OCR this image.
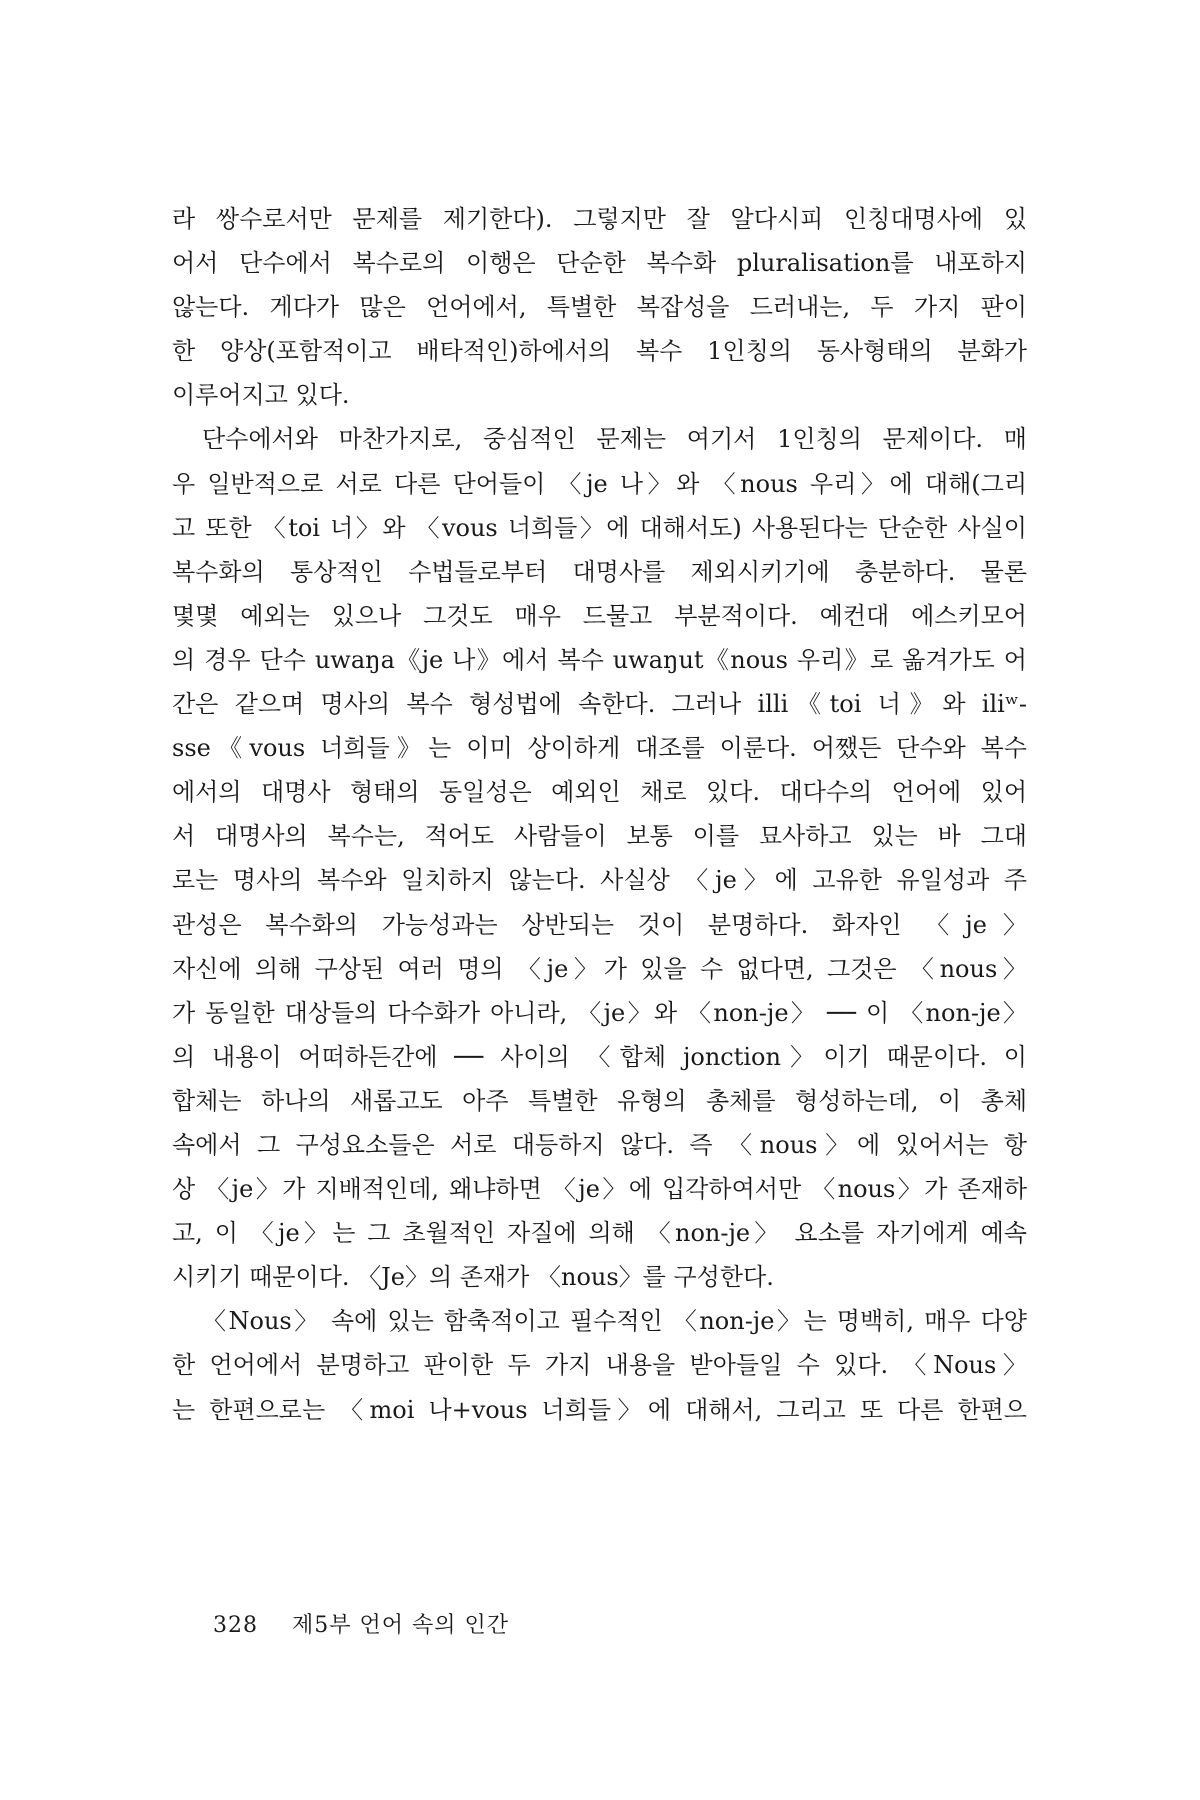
라 쌍수로서만 문제를 제기한다). 그렇지만 잘 알다시피 인칭대명사에 있
어서 단수에서 복수로의 이행은 단순한 복수화 pluralisation를 내포하지
않는다. 게다가 많은 언어에서, 특별한 복잡성을 드러내는, 두 가지 판이
한 양상(포함적이고 배타적인)하에서의 복수 1인칭의 동사형태의 분화가
이루어지고 있다.
단수에서와 마찬가지로, 중심적인 문제는 여기서 1인칭의 문제이다. 매
우 일반적으로 서로 다른 단어들이 〈je 나〉와 〈nous 우리〉에 대해(그리
고 또한 〈toi 너〉와 〈vous 너희들〉에 대해서도) 사용된다는 단순한 사실이
복수화의 통상적인 수법들로부터 대명사를 제외시키기에 충분하다. 물론
몇몇 예외는 있으나 그것도 매우 드물고 부분적이다. 예컨대 에스키모어
의 경우 단수 uwaŋa《je 나》에서 복수 uwaŋut《nous 우리》로 옮겨가도 어
간은 같으며 명사의 복수 형성법에 속한다. 그러나 illi《toi 너》와 iliʷ-
sse《vous 너희들》는 이미 상이하게 대조를 이룬다. 어쨌든 단수와 복수
에서의 대명사 형태의 동일성은 예외인 채로 있다. 대다수의 언어에 있어
서 대명사의 복수는, 적어도 사람들이 보통 이를 묘사하고 있는 바 그대
로는 명사의 복수와 일치하지 않는다. 사실상 〈je〉에 고유한 유일성과 주
관성은 복수화의 가능성과는 상반되는 것이 분명하다. 화자인 〈je〉
자신에 의해 구상된 여러 명의 〈je〉가 있을 수 없다면, 그것은 〈nous〉
가 동일한 대상들의 다수화가 아니라, 〈je〉와 〈non-je〉 ── 이 〈non-je〉
의 내용이 어떠하든간에 ── 사이의 〈합체 jonction〉이기 때문이다. 이
합체는 하나의 새롭고도 아주 특별한 유형의 총체를 형성하는데, 이 총체
속에서 그 구성요소들은 서로 대등하지 않다. 즉 〈nous〉에 있어서는 항
상 〈je〉가 지배적인데, 왜냐하면 〈je〉에 입각하여서만 〈nous〉가 존재하
고, 이 〈je〉는 그 초월적인 자질에 의해 〈non-je〉 요소를 자기에게 예속
시키기 때문이다. 〈Je〉의 존재가 〈nous〉를 구성한다.
〈Nous〉 속에 있는 함축적이고 필수적인 〈non-je〉는 명백히, 매우 다양
한 언어에서 분명하고 판이한 두 가지 내용을 받아들일 수 있다. 〈Nous〉
는 한편으로는 〈moi 나+vous 너희들〉에 대해서, 그리고 또 다른 한편으
328 제5부 언어 속의 인간
